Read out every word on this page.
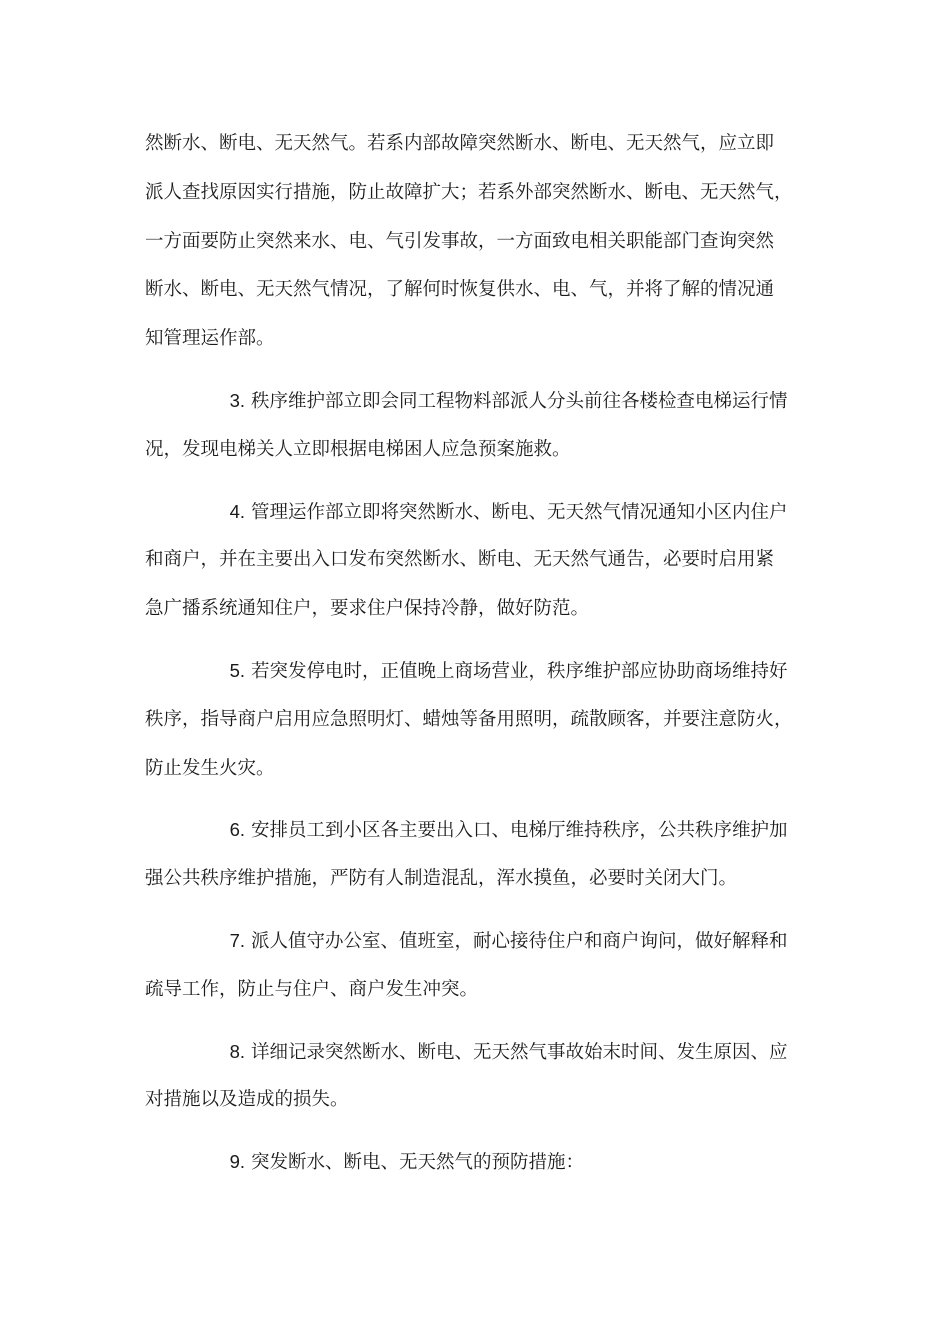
然断水、断电、无天然气。若系内部故障突然断水、断电、无天然气，应立即
派人查找原因实行措施，防止故障扩大；若系外部突然断水、断电、无天然气，
一方面要防止突然来水、电、气引发事故，一方面致电相关职能部门查询突然
断水、断电、无天然气情况，了解何时恢复供水、电、气，并将了解的情况通
知管理运作部。

3. 秩序维护部立即会同工程物料部派人分头前往各楼检查电梯运行情
况，发现电梯关人立即根据电梯困人应急预案施救。

4. 管理运作部立即将突然断水、断电、无天然气情况通知小区内住户
和商户，并在主要出入口发布突然断水、断电、无天然气通告，必要时启用紧
急广播系统通知住户，要求住户保持冷静，做好防范。

5. 若突发停电时，正值晚上商场营业，秩序维护部应协助商场维持好
秩序，指导商户启用应急照明灯、蜡烛等备用照明，疏散顾客，并要注意防火，
防止发生火灾。

6. 安排员工到小区各主要出入口、电梯厅维持秩序，公共秩序维护加
强公共秩序维护措施，严防有人制造混乱，浑水摸鱼，必要时关闭大门。

7. 派人值守办公室、值班室，耐心接待住户和商户询问，做好解释和
疏导工作，防止与住户、商户发生冲突。

8. 详细记录突然断水、断电、无天然气事故始末时间、发生原因、应
对措施以及造成的损失。

9. 突发断水、断电、无天然气的预防措施：
